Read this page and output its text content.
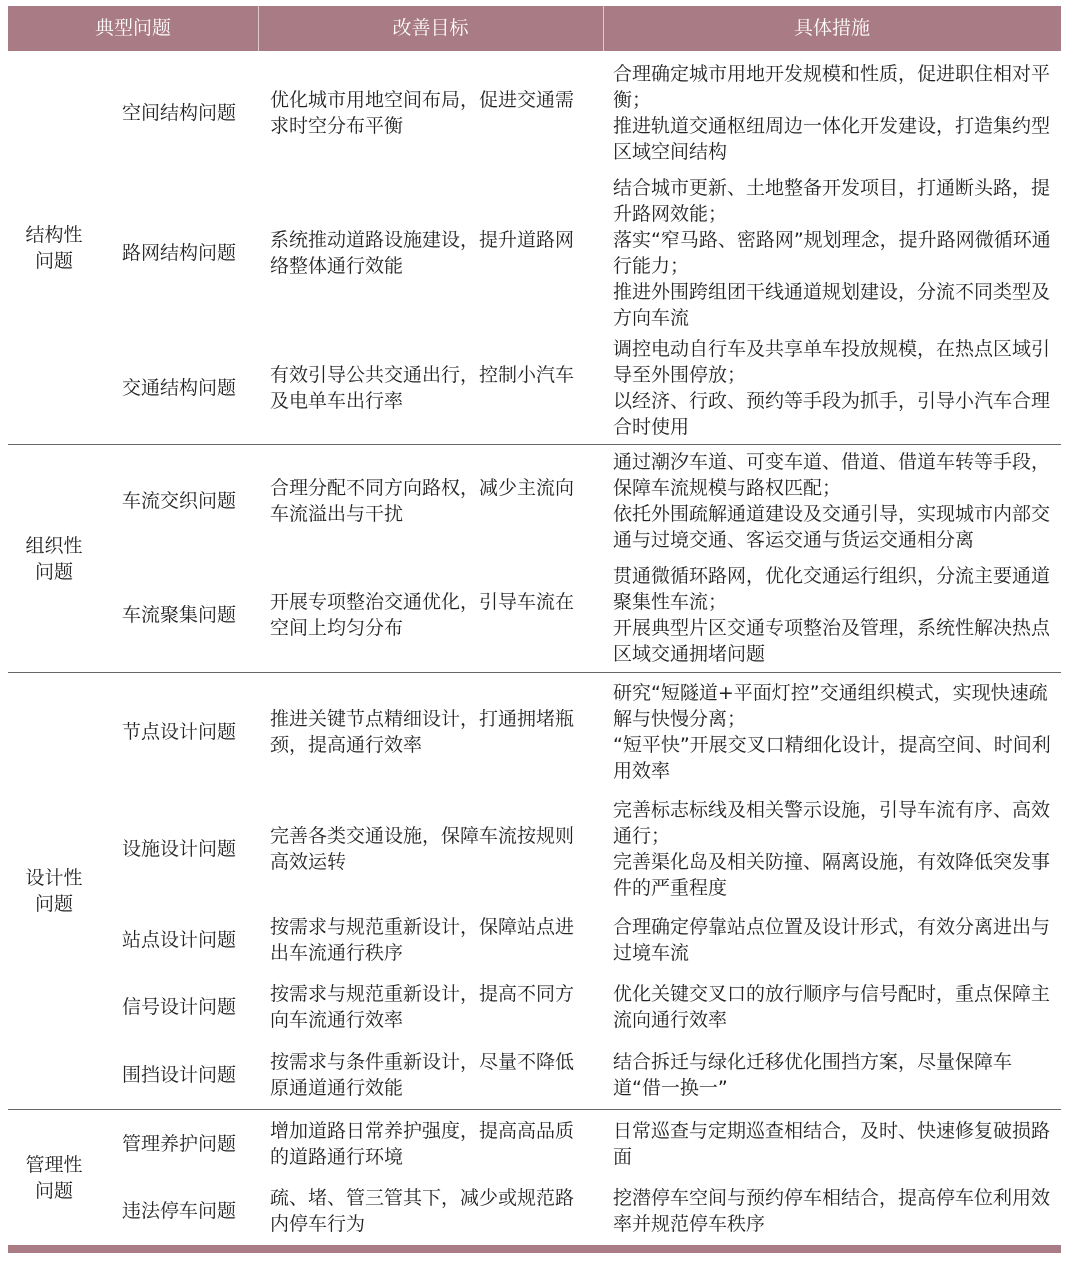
典型问题	改善目标	具体措施
结构性
问题
空间结构问题
优化城市用地空间布局，促进交通需求时空分布平衡

合理确定城市用地开发规模和性质，促进职住相对平衡；

推进轨道交通枢纽周边一体化开发建设，打造集约型区域空间结构

路网结构问题
系统推动道路设施建设，提升道路网络整体通行效能

结合城市更新、土地整备开发项目，打通断头路，提升路网效能；

落实“窄马路、密路网”规划理念，提升路网微循环通行能力；

推进外围跨组团干线通道规划建设，分流不同类型及方向车流

交通结构问题
有效引导公共交通出行，控制小汽车及电单车出行率

调控电动自行车及共享单车投放规模，在热点区域引导至外围停放；

以经济、行政、预约等手段为抓手，引导小汽车合理合时使用

组织性
问题
车流交织问题
合理分配不同方向路权，减少主流向车流溢出与干扰

通过潮汐车道、可变车道、借道、借道车转等手段，保障车流规模与路权匹配；

依托外围疏解通道建设及交通引导，实现城市内部交通与过境交通、客运交通与货运交通相分离

车流聚集问题
开展专项整治交通优化，引导车流在空间上均匀分布

贯通微循环路网，优化交通运行组织，分流主要通道聚集性车流；

开展典型片区交通专项整治及管理，系统性解决热点区域交通拥堵问题

设计性
问题
节点设计问题
推进关键节点精细设计，打通拥堵瓶颈，提高通行效率

研究“短隧道+平面灯控”交通组织模式，实现快速疏解与快慢分离；

“短平快”开展交叉口精细化设计，提高空间、时间利用效率

设施设计问题
完善各类交通设施，保障车流按规则高效运转

完善标志标线及相关警示设施，引导车流有序、高效通行；

完善渠化岛及相关防撞、隔离设施，有效降低突发事件的严重程度

站点设计问题
按需求与规范重新设计，保障站点进出车流通行秩序

合理确定停靠站点位置及设计形式，有效分离进出与过境车流

信号设计问题
按需求与规范重新设计，提高不同方向车流通行效率

优化关键交叉口的放行顺序与信号配时，重点保障主流向通行效率

围挡设计问题
按需求与条件重新设计，尽量不降低原通道通行效能

结合拆迁与绿化迁移优化围挡方案，尽量保障车道“借一换一”

管理性
问题
管理养护问题
增加道路日常养护强度，提高高品质的道路通行环境

日常巡查与定期巡查相结合，及时、快速修复破损路面

违法停车问题
疏、堵、管三管其下，减少或规范路内停车行为

挖潜停车空间与预约停车相结合，提高停车位利用效率并规范停车秩序
